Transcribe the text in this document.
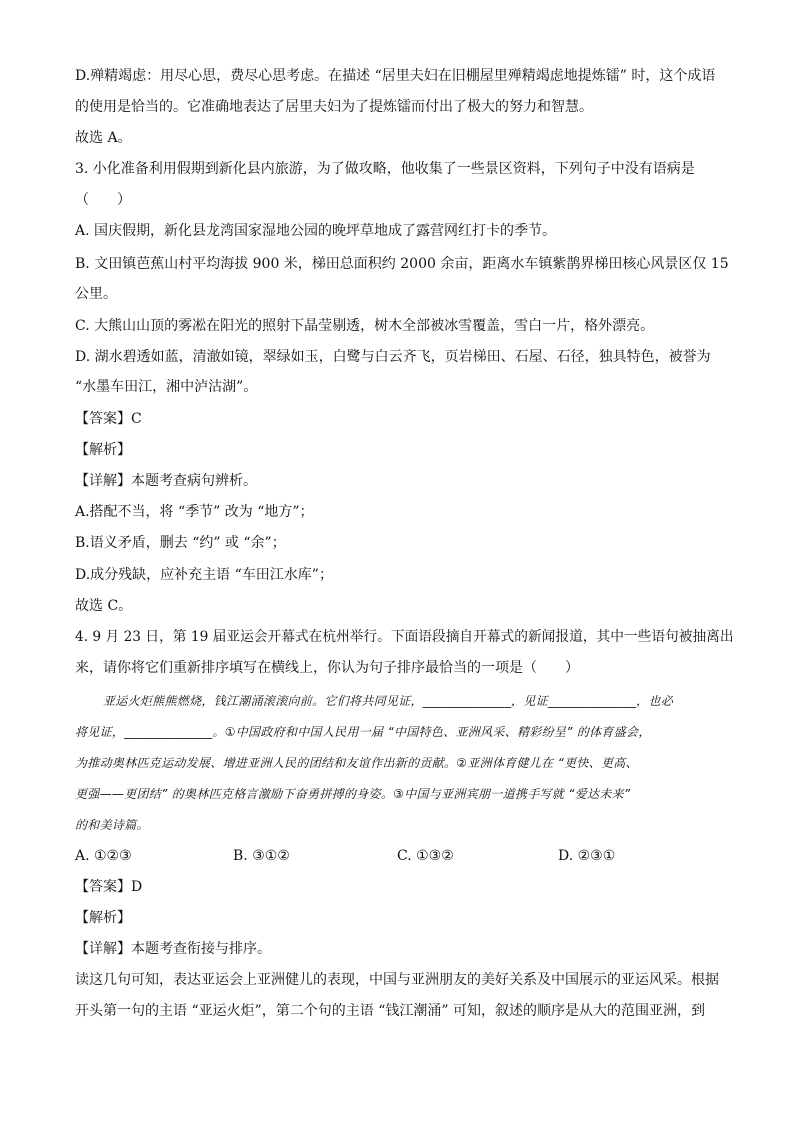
D.殚精竭虑：用尽心思，费尽心思考虑。在描述 “居里夫妇在旧棚屋里殚精竭虑地提炼镭” 时，这个成语
的使用是恰当的。它准确地表达了居里夫妇为了提炼镭而付出了极大的努力和智慧。
故选 A。
3. 小化准备利用假期到新化县内旅游，为了做攻略，他收集了一些景区资料，下列句子中没有语病是
（　　）
A. 国庆假期，新化县龙湾国家湿地公园的晚坪草地成了露营网红打卡的季节。
B. 文田镇芭蕉山村平均海拔 900 米，梯田总面积约 2000 余亩，距离水车镇紫鹊界梯田核心风景区仅 15
公里。
C. 大熊山山顶的雾凇在阳光的照射下晶莹剔透，树木全部被冰雪覆盖，雪白一片，格外漂亮。
D. 湖水碧透如蓝，清澈如镜，翠绿如玉，白鹭与白云齐飞，页岩梯田、石屋、石径，独具特色，被誉为
“水墨车田江，湘中泸沽湖”。
【答案】C
【解析】
【详解】本题考查病句辨析。
A.搭配不当，将 “季节” 改为 “地方”；
B.语义矛盾，删去 “约” 或 “余”；
D.成分残缺，应补充主语 “车田江水库”；
故选 C。
4. 9 月 23 日，第 19 届亚运会开幕式在杭州举行。下面语段摘自开幕式的新闻报道，其中一些语句被抽离出
来，请你将它们重新排序填写在横线上，你认为句子排序最恰当的一项是（　　）
亚运火炬熊熊燃烧，钱江潮涌滚滚向前。它们将共同见证，______________，见证______________，也必
将见证，______________。①中国政府和中国人民用一届 “中国特色、亚洲风采、精彩纷呈” 的体育盛会，
为推动奥林匹克运动发展、增进亚洲人民的团结和友谊作出新的贡献。②亚洲体育健儿在 “更快、更高、
更强——更团结” 的奥林匹克格言激励下奋勇拼搏的身姿。③中国与亚洲宾朋一道携手写就 “爱达未来”
的和美诗篇。
A. ①②③	B. ③①②	C. ①③②	D. ②③①
【答案】D
【解析】
【详解】本题考查衔接与排序。
读这几句可知，表达亚运会上亚洲健儿的表现，中国与亚洲朋友的美好关系及中国展示的亚运风采。根据
开头第一句的主语 “亚运火炬”，第二个句的主语 “钱江潮涌” 可知，叙述的顺序是从大的范围亚洲，到
